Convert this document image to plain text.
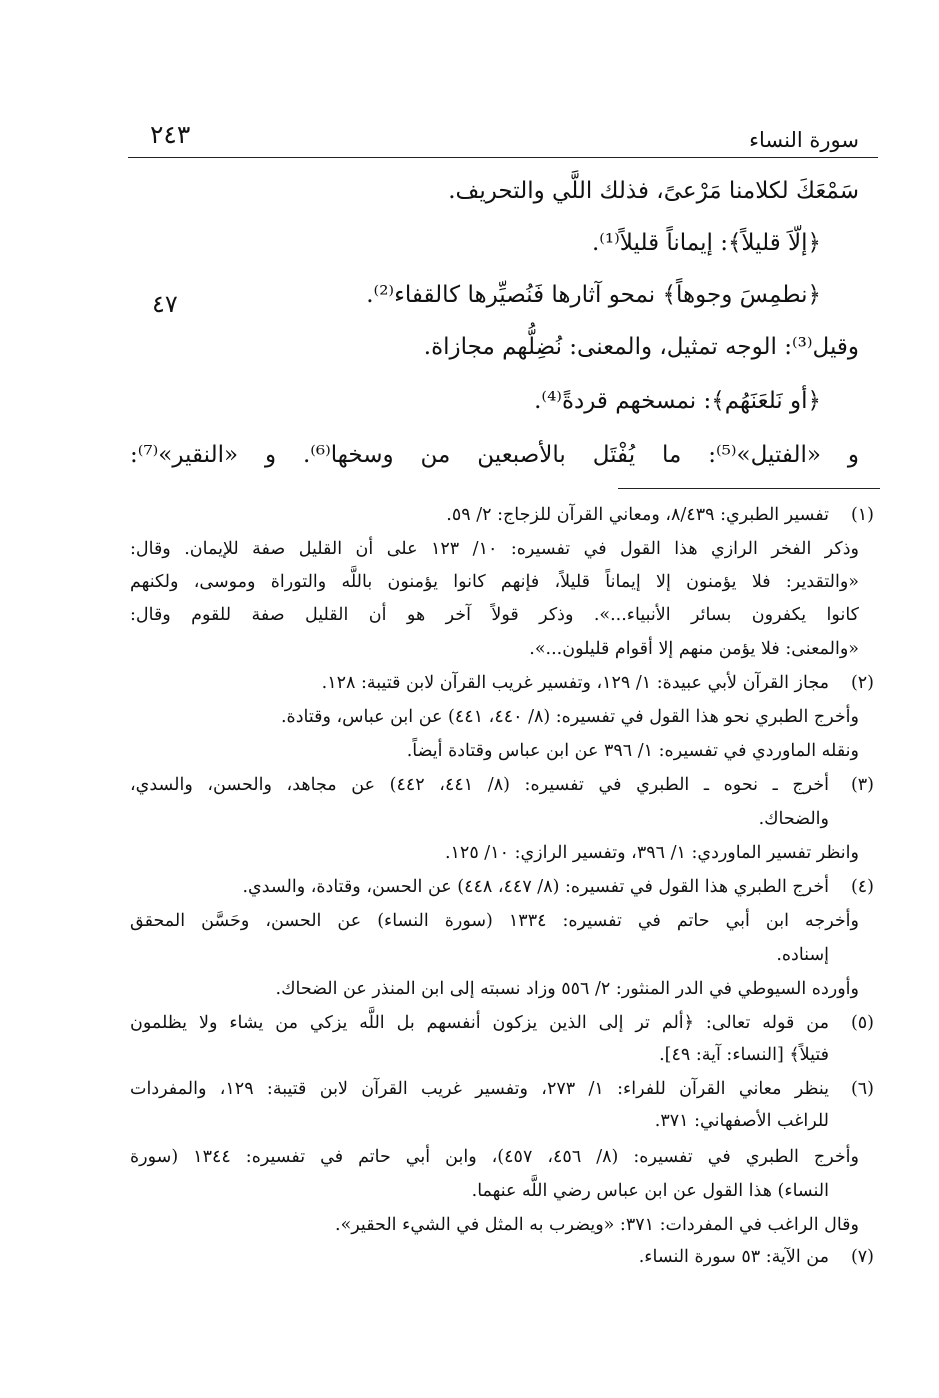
سورة النساء
٢٤٣
٤٧
سَمْعَكَ لكلامنا مَرْعىً، فذلك اللَّي والتحريف.
﴿إلّاَ قليلاً﴾: إيماناً قليلاً⁽¹⁾.
﴿نطمِسَ وجوهاً﴾ نمحو آثارها فَنُصيِّرها كالقفاء⁽²⁾.
وقيل⁽³⁾: الوجه تمثيل، والمعنى: نُضِلُّهم مجازاة.
﴿أو نَلعَنَهُم﴾: نمسخهم قردةً⁽⁴⁾.
و «الفتيل»⁽⁵⁾: ما يُفْتَل بالأصبعين من وسخها⁽⁶⁾. و «النقير»⁽⁷⁾:
(١)
(٢)
(٣)
(٤)
(٥)
(٦)
(٧)
تفسير الطبري: ٨/٤٣٩، ومعاني القرآن للزجاج: ٢/ ٥٩.
وذكر الفخر الرازي هذا القول في تفسيره: ١٠/ ١٢٣ على أن القليل صفة للإيمان. وقال:
«والتقدير: فلا يؤمنون إلا إيماناً قليلاً، فإنهم كانوا يؤمنون باللَّه والتوراة وموسى، ولكنهم
كانوا يكفرون بسائر الأنبياء...». وذكر قولاً آخر هو أن القليل صفة للقوم وقال:
«والمعنى: فلا يؤمن منهم إلا أقوام قليلون...».
مجاز القرآن لأبي عبيدة: ١/ ١٢٩، وتفسير غريب القرآن لابن قتيبة: ١٢٨.
وأخرج الطبري نحو هذا القول في تفسيره: (٨/ ٤٤٠، ٤٤١) عن ابن عباس، وقتادة.
ونقله الماوردي في تفسيره: ١/ ٣٩٦ عن ابن عباس وقتادة أيضاً.
أخرج ـ نحوه ـ الطبري في تفسيره: (٨/ ٤٤١، ٤٤٢) عن مجاهد، والحسن، والسدي،
والضحاك.
وانظر تفسير الماوردي: ١/ ٣٩٦، وتفسير الرازي: ١٠/ ١٢٥.
أخرج الطبري هذا القول في تفسيره: (٨/ ٤٤٧، ٤٤٨) عن الحسن، وقتادة، والسدي.
وأخرجه ابن أبي حاتم في تفسيره: ١٣٣٤ (سورة النساء) عن الحسن، وحَسَّن المحقق
إسناده.
وأورده السيوطي في الدر المنثور: ٢/ ٥٥٦ وزاد نسبته إلى ابن المنذر عن الضحاك.
من قوله تعالى: ﴿ألم تر إلى الذين يزكون أنفسهم بل اللَّه يزكي من يشاء ولا يظلمون
فتيلاً﴾ [النساء: آية: ٤٩].
ينظر معاني القرآن للفراء: ١/ ٢٧٣، وتفسير غريب القرآن لابن قتيبة: ١٢٩، والمفردات
للراغب الأصفهاني: ٣٧١.
وأخرج الطبري في تفسيره: (٨/ ٤٥٦، ٤٥٧)، وابن أبي حاتم في تفسيره: ١٣٤٤ (سورة
النساء) هذا القول عن ابن عباس رضي اللَّه عنهما.
وقال الراغب في المفردات: ٣٧١: «ويضرب به المثل في الشيء الحقير».
من الآية: ٥٣ سورة النساء.
